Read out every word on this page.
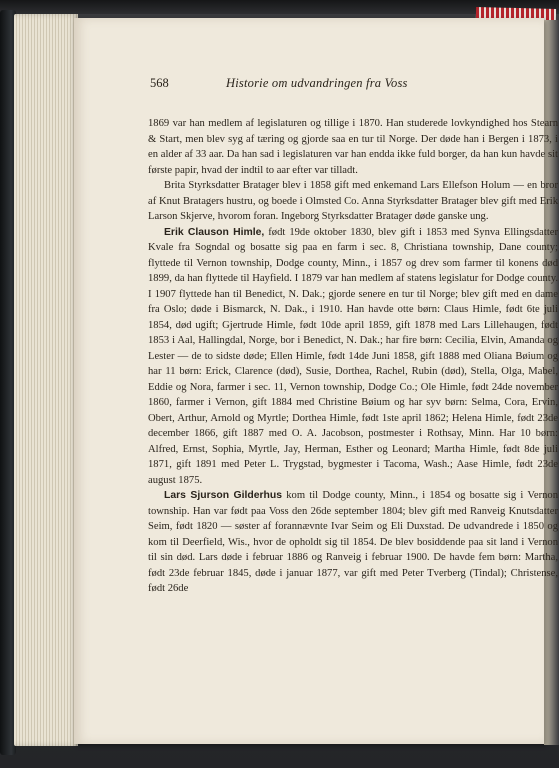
568	Historie om udvandringen fra Voss

1869 var han medlem af legislaturen og tillige i 1870. Han studerede lovkyndighed hos Stearn & Start, men blev syg af tæring og gjorde saa en tur til Norge. Der døde han i Bergen i 1873, i en alder af 33 aar. Da han sad i legislaturen var han endda ikke fuld borger, da han kun havde sit første papir, hvad der indtil to aar efter var tilladt.

Brita Styrksdatter Bratager blev i 1858 gift med enkemand Lars Ellefson Holum — en bror af Knut Bratagers hustru, og boede i Olmsted Co. Anna Styrksdatter Bratager blev gift med Erik Larson Skjerve, hvorom foran. Ingeborg Styrksdatter Bratager døde ganske ung.

Erik Clauson Himle, født 19de oktober 1830, blev gift i 1853 med Synva Ellingsdatter Kvale fra Sogndal og bosatte sig paa en farm i sec. 8, Christiana township, Dane county; flyttede til Vernon township, Dodge county, Minn., i 1857 og drev som farmer til konens død 1899, da han flyttede til Hayfield. I 1879 var han medlem af statens legislatur for Dodge county. I 1907 flyttede han til Benedict, N. Dak.; gjorde senere en tur til Norge; blev gift med en dame fra Oslo; døde i Bismarck, N. Dak., i 1910. Han havde otte børn: Claus Himle, født 6te juli 1854, død ugift; Gjertrude Himle, født 10de april 1859, gift 1878 med Lars Lillehaugen, født 1853 i Aal, Hallingdal, Norge, bor i Benedict, N. Dak.; har fire børn: Cecilia, Elvin, Amanda og Lester — de to sidste døde; Ellen Himle, født 14de Juni 1858, gift 1888 med Oliana Bøium og har 11 børn: Erick, Clarence (død), Susie, Dorthea, Rachel, Rubin (død), Stella, Olga, Mabel, Eddie og Nora, farmer i sec. 11, Vernon township, Dodge Co.; Ole Himle, født 24de november 1860, farmer i Vernon, gift 1884 med Christine Bøium og har syv børn: Selma, Cora, Ervin, Obert, Arthur, Arnold og Myrtle; Dorthea Himle, født 1ste april 1862; Helena Himle, født 23de december 1866, gift 1887 med O. A. Jacobson, postmester i Rothsay, Minn. Har 10 børn: Alfred, Ernst, Sophia, Myrtle, Jay, Herman, Esther og Leonard; Martha Himle, født 8de juli 1871, gift 1891 med Peter L. Trygstad, bygmester i Tacoma, Wash.; Aase Himle, født 23de august 1875.

Lars Sjurson Gilderhus kom til Dodge county, Minn., i 1854 og bosatte sig i Vernon township. Han var født paa Voss den 26de september 1804; blev gift med Ranveig Knutsdatter Seim, født 1820 — søster af forannævnte Ivar Seim og Eli Duxstad. De udvandrede i 1850 og kom til Deerfield, Wis., hvor de opholdt sig til 1854. De blev bosiddende paa sit land i Vernon til sin død. Lars døde i februar 1886 og Ranveig i februar 1900. De havde fem børn: Martha, født 23de februar 1845, døde i januar 1877, var gift med Peter Tverberg (Tindal); Christense, født 26de
